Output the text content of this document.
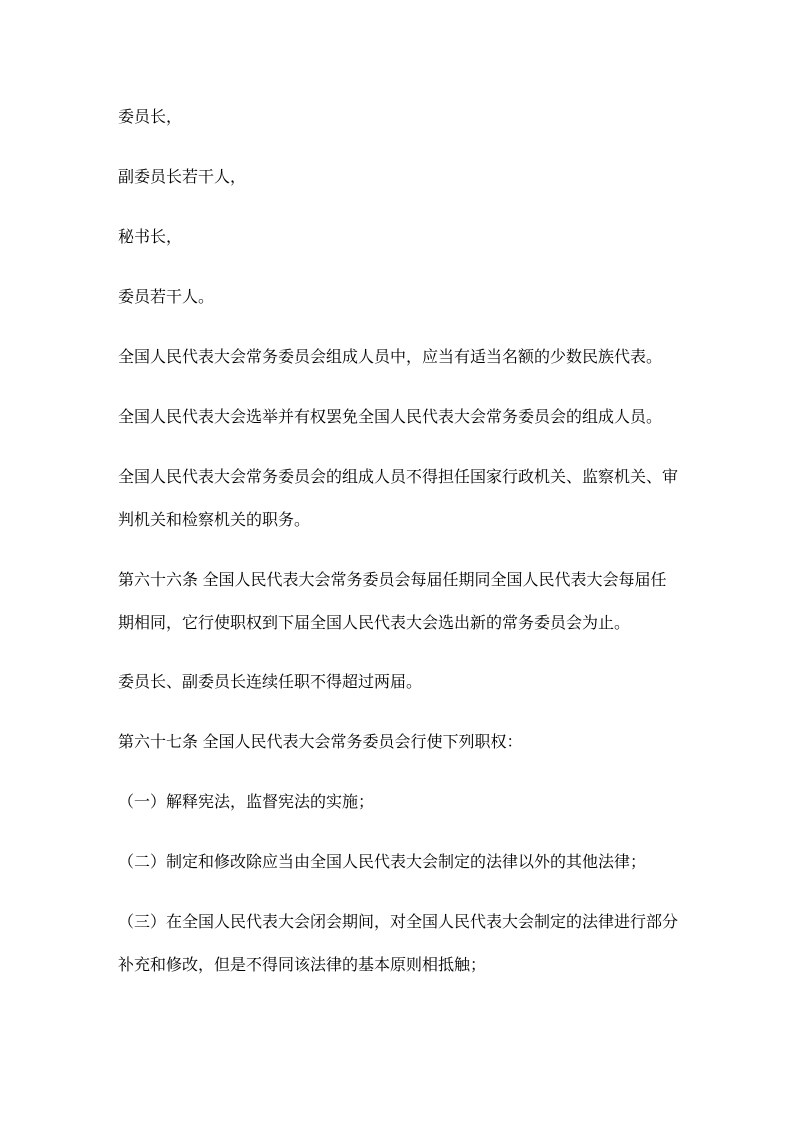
委员长，

副委员长若干人，

秘书长，

委员若干人。

全国人民代表大会常务委员会组成人员中，应当有适当名额的少数民族代表。

全国人民代表大会选举并有权罢免全国人民代表大会常务委员会的组成人员。

全国人民代表大会常务委员会的组成人员不得担任国家行政机关、监察机关、审
判机关和检察机关的职务。

第六十六条 全国人民代表大会常务委员会每届任期同全国人民代表大会每届任
期相同，它行使职权到下届全国人民代表大会选出新的常务委员会为止。

委员长、副委员长连续任职不得超过两届。

第六十七条 全国人民代表大会常务委员会行使下列职权：

（一）解释宪法，监督宪法的实施；

（二）制定和修改除应当由全国人民代表大会制定的法律以外的其他法律；

（三）在全国人民代表大会闭会期间，对全国人民代表大会制定的法律进行部分
补充和修改，但是不得同该法律的基本原则相抵触；
